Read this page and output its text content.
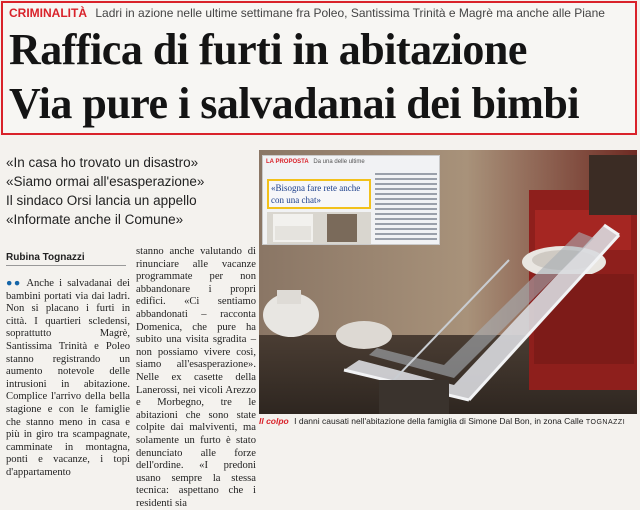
CRIMINALITÀ Ladri in azione nelle ultime settimane fra Poleo, Santissima Trinità e Magrè ma anche alle Piane
Raffica di furti in abitazione
Via pure i salvadanai dei bimbi
«In casa ho trovato un disastro»
«Siamo ormai all'esasperazione»
Il sindaco Orsi lancia un appello
«Informate anche il Comune»
Rubina Tognazzi
●● Anche i salvadanai dei bambini portati via dai ladri. Non si placano i furti in città. I quartieri scledensi, soprattutto Magrè, Santissima Trinità e Poleo stanno registrando un aumento notevole delle intrusioni in abitazione. Complice l'arrivo della bella stagione e con le famiglie che stanno meno in casa e più in giro tra scampagnate, camminate in montagna, ponti e vacanze, i topi d'appartamento
stanno anche valutando di rinunciare alle vacanze programmate per non abbandonare i propri edifici. «Ci sentiamo abbandonati – racconta Domenica, che pure ha subito una visita sgradita – non possiamo vivere così, siamo all'esasperazione». Nelle ex casette della Lanerossi, nei vicoli Arezzo e Morbegno, tre le abitazioni che sono state colpite dai malviventi, ma solamente un furto è stato denunciato alle forze dell'ordine. «I predoni usano sempre la stessa tecnica: aspettano che i residenti sia
LA PROPOSTA Da una delle ultime
«Bisogna fare rete anche con una chat»
Il colpo I danni causati nell'abitazione della famiglia di Simone Dal Bon, in zona Calle TOGNAZZI
